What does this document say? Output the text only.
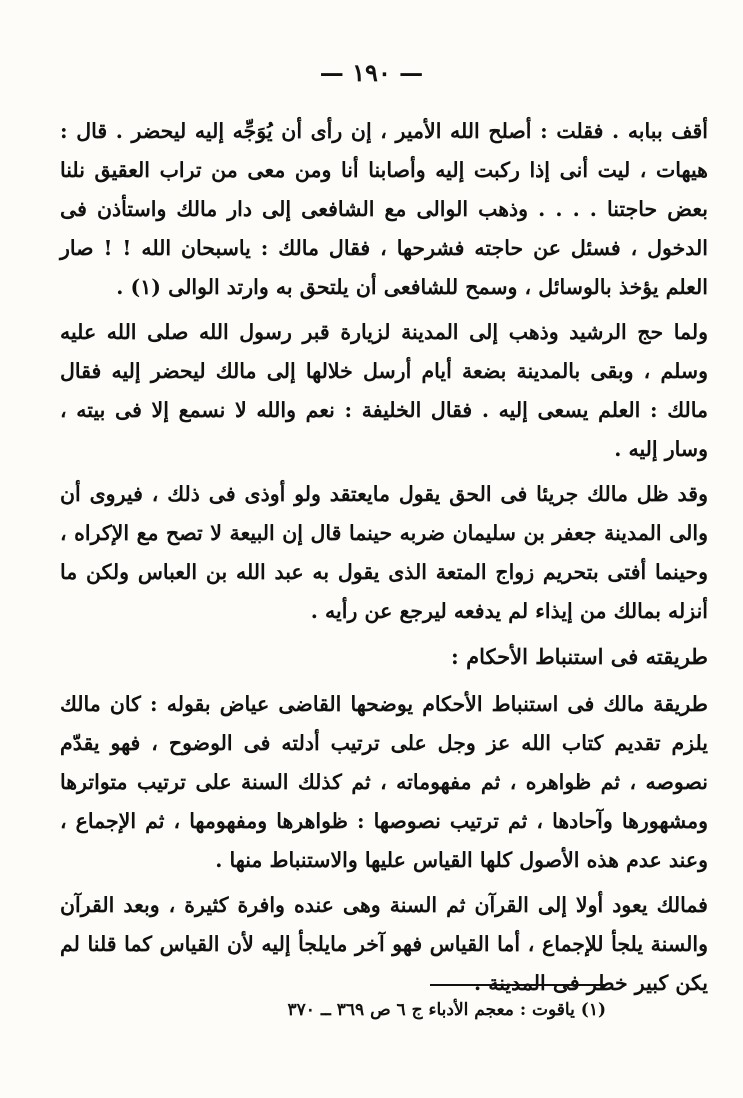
— ١٩٠ —

أقف ببابه . فقلت : أصلح الله الأمير ، إن رأى أن يُوَجِّه إليه ليحضر . قال : هيهات ، ليت أنى إذا ركبت إليه وأصابنا أنا ومن معى من تراب العقيق نلنا بعض حاجتنا . . . . وذهب الوالى مع الشافعى إلى دار مالك واستأذن فى الدخول ، فسئل عن حاجته فشرحها ، فقال مالك : ياسبحان الله ! ! صار العلم يؤخذ بالوسائل ، وسمح للشافعى أن يلتحق به وارتد الوالى (١) .

ولما حج الرشيد وذهب إلى المدينة لزيارة قبر رسول الله صلى الله عليه وسلم ، وبقى بالمدينة بضعة أيام أرسل خلالها إلى مالك ليحضر إليه فقال مالك : العلم يسعى إليه . فقال الخليفة : نعم والله لا نسمع إلا فى بيته ، وسار إليه .

وقد ظل مالك جريئا فى الحق يقول مايعتقد ولو أوذى فى ذلك ، فيروى أن والى المدينة جعفر بن سليمان ضربه حينما قال إن البيعة لا تصح مع الإكراه ، وحينما أفتى بتحريم زواج المتعة الذى يقول به عبد الله بن العباس ولكن ما أنزله بمالك من إيذاء لم يدفعه ليرجع عن رأيه .

طريقته فى استنباط الأحكام :

طريقة مالك فى استنباط الأحكام يوضحها القاضى عياض بقوله : كان مالك يلزم تقديم كتاب الله عز وجل على ترتيب أدلته فى الوضوح ، فهو يقدّم نصوصه ، ثم ظواهره ، ثم مفهوماته ، ثم كذلك السنة على ترتيب متواترها ومشهورها وآحادها ، ثم ترتيب نصوصها : ظواهرها ومفهومها ، ثم الإجماع ، وعند عدم هذه الأصول كلها القياس عليها والاستنباط منها .

فمالك يعود أولا إلى القرآن ثم السنة وهى عنده وافرة كثيرة ، وبعد القرآن والسنة يلجأ للإجماع ، أما القياس فهو آخر مايلجأ إليه لأن القياس كما قلنا لم يكن كبير خطر فى المدينة .

(١) ياقوت : معجم الأدباء ج ٦ ص ٣٦٩ ــ ٣٧٠
